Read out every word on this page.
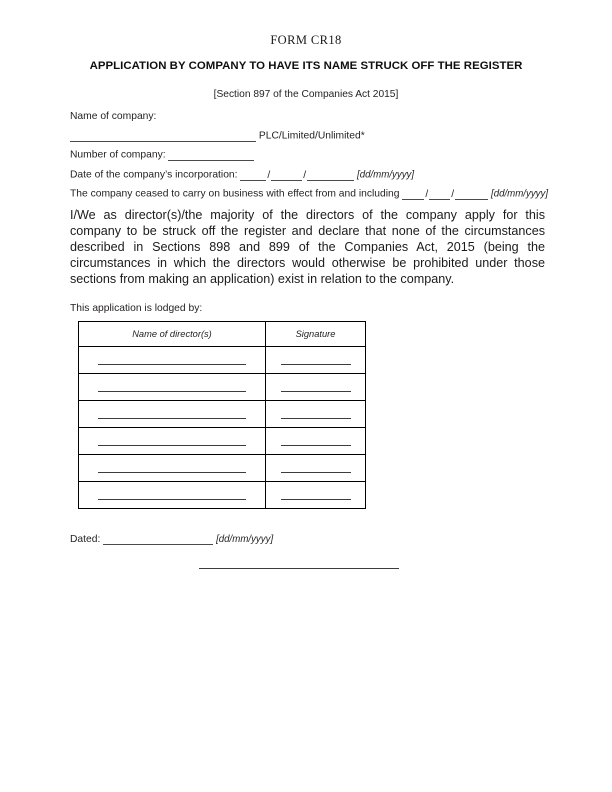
FORM CR18
APPLICATION BY COMPANY TO HAVE ITS NAME STRUCK OFF THE REGISTER
[Section 897 of the Companies Act 2015]
Name of company:
PLC/Limited/Unlimited*
Number of company:
Date of the company’s incorporation:	/	/	[dd/mm/yyyy]
The company ceased to carry on business with effect from and including	/ /	[dd/mm/yyyy]
I/We as director(s)/the majority of the directors of the company apply for this company to be struck off the register and declare that none of the circumstances described in Sections 898 and 899 of the Companies Act, 2015 (being the circumstances in which the directors would otherwise be prohibited under those sections from making an application) exist in relation to the company.
This application is lodged by:
Name of director(s)	Signature

Dated:	[dd/mm/yyyy]
